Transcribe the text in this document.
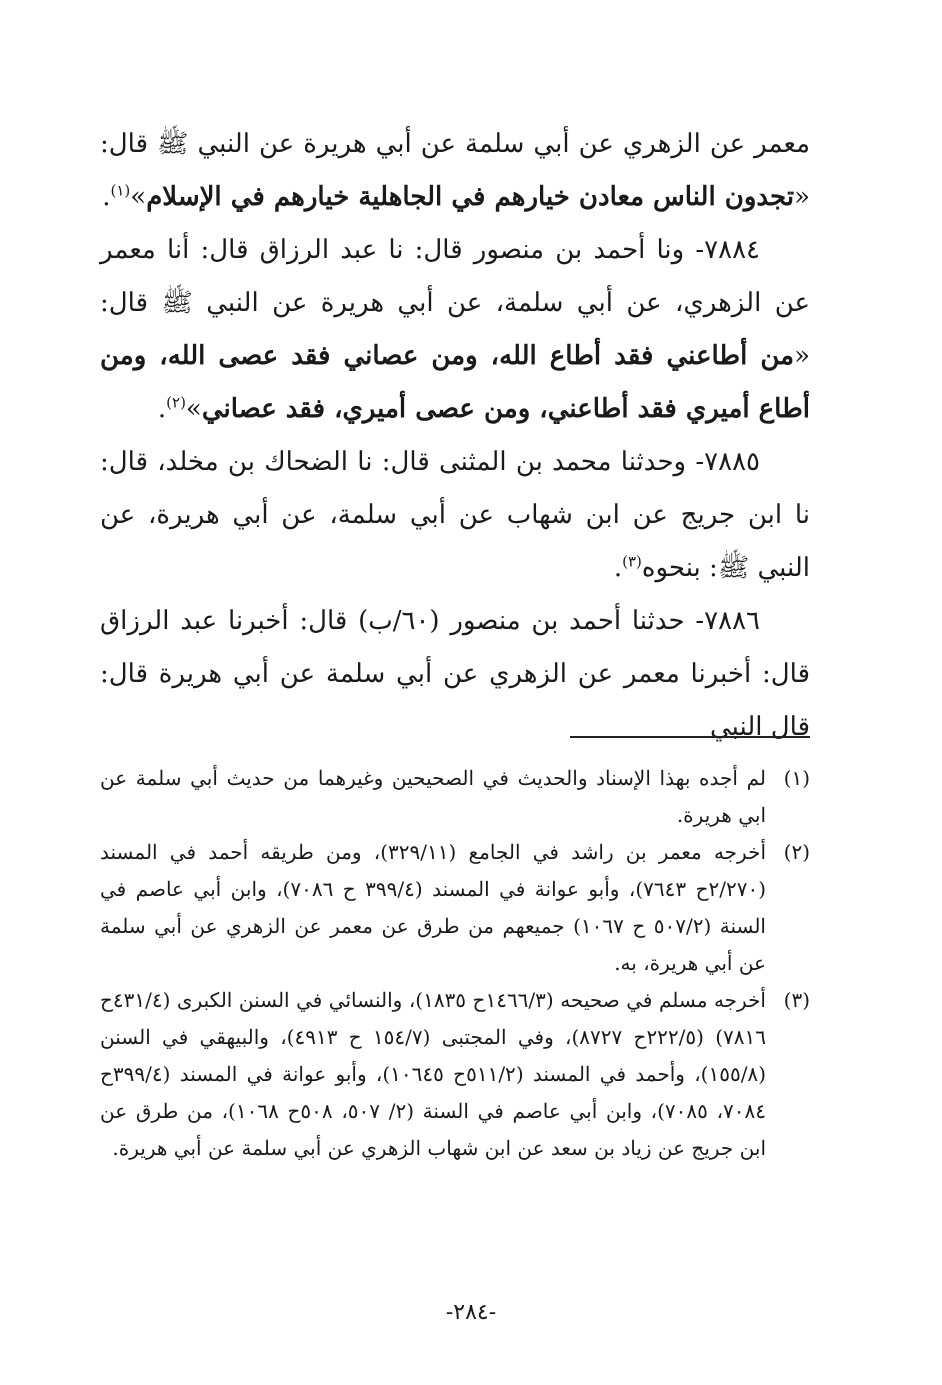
معمر عن الزهري عن أبي سلمة عن أبي هريرة عن النبي ﷺ قال: «تجدون الناس معادن خيارهم في الجاهلية خيارهم في الإسلام»$^{(١)}$.

٧٨٨٤- ونا أحمد بن منصور قال: نا عبد الرزاق قال: أنا معمر عن الزهري، عن أبي سلمة، عن أبي هريرة عن النبي ﷺ قال: «من أطاعني فقد أطاع الله، ومن عصاني فقد عصى الله، ومن أطاع أميري فقد أطاعني، ومن عصى أميري، فقد عصاني»$^{(٢)}$.

٧٨٨٥- وحدثنا محمد بن المثنى قال: نا الضحاك بن مخلد، قال: نا ابن جريج عن ابن شهاب عن أبي سلمة، عن أبي هريرة، عن النبي ﷺ: بنحوه$^{(٣)}$.

٧٨٨٦- حدثنا أحمد بن منصور (٦٠/ب) قال: أخبرنا عبد الرزاق قال: أخبرنا معمر عن الزهري عن أبي سلمة عن أبي هريرة قال: قال النبي

(١)لم أجده بهذا الإسناد والحديث في الصحيحين وغيرهما من حديث أبي سلمة عن ابي هريرة.

(٢)أخرجه معمر بن راشد في الجامع (٣٢٩/١١)، ومن طريقه أحمد في المسند (٢/٢٧٠ح ٧٦٤٣)، وأبو عوانة في المسند (٣٩٩/٤ ح ٧٠٨٦)، وابن أبي عاصم في السنة (٥٠٧/٢ ح ١٠٦٧) جميعهم من طرق عن معمر عن الزهري عن أبي سلمة عن أبي هريرة، به.

(٣)أخرجه مسلم في صحيحه (١٤٦٦/٣ح ١٨٣٥)، والنسائي في السنن الكبرى (٤٣١/٤ح ٧٨١٦) (٢٢٢/٥ح ٨٧٢٧)، وفي المجتبى (١٥٤/٧ ح ٤٩١٣)، والبيهقي في السنن (١٥٥/٨)، وأحمد في المسند (٥١١/٢ح ١٠٦٤٥)، وأبو عوانة في المسند (٣٩٩/٤ح ٧٠٨٤، ٧٠٨٥)، وابن أبي عاصم في السنة (٢/ ٥٠٧، ٥٠٨ح ١٠٦٨)، من طرق عن ابن جريج عن زياد بن سعد عن ابن شهاب الزهري عن أبي سلمة عن أبي هريرة.

-٢٨٤-
